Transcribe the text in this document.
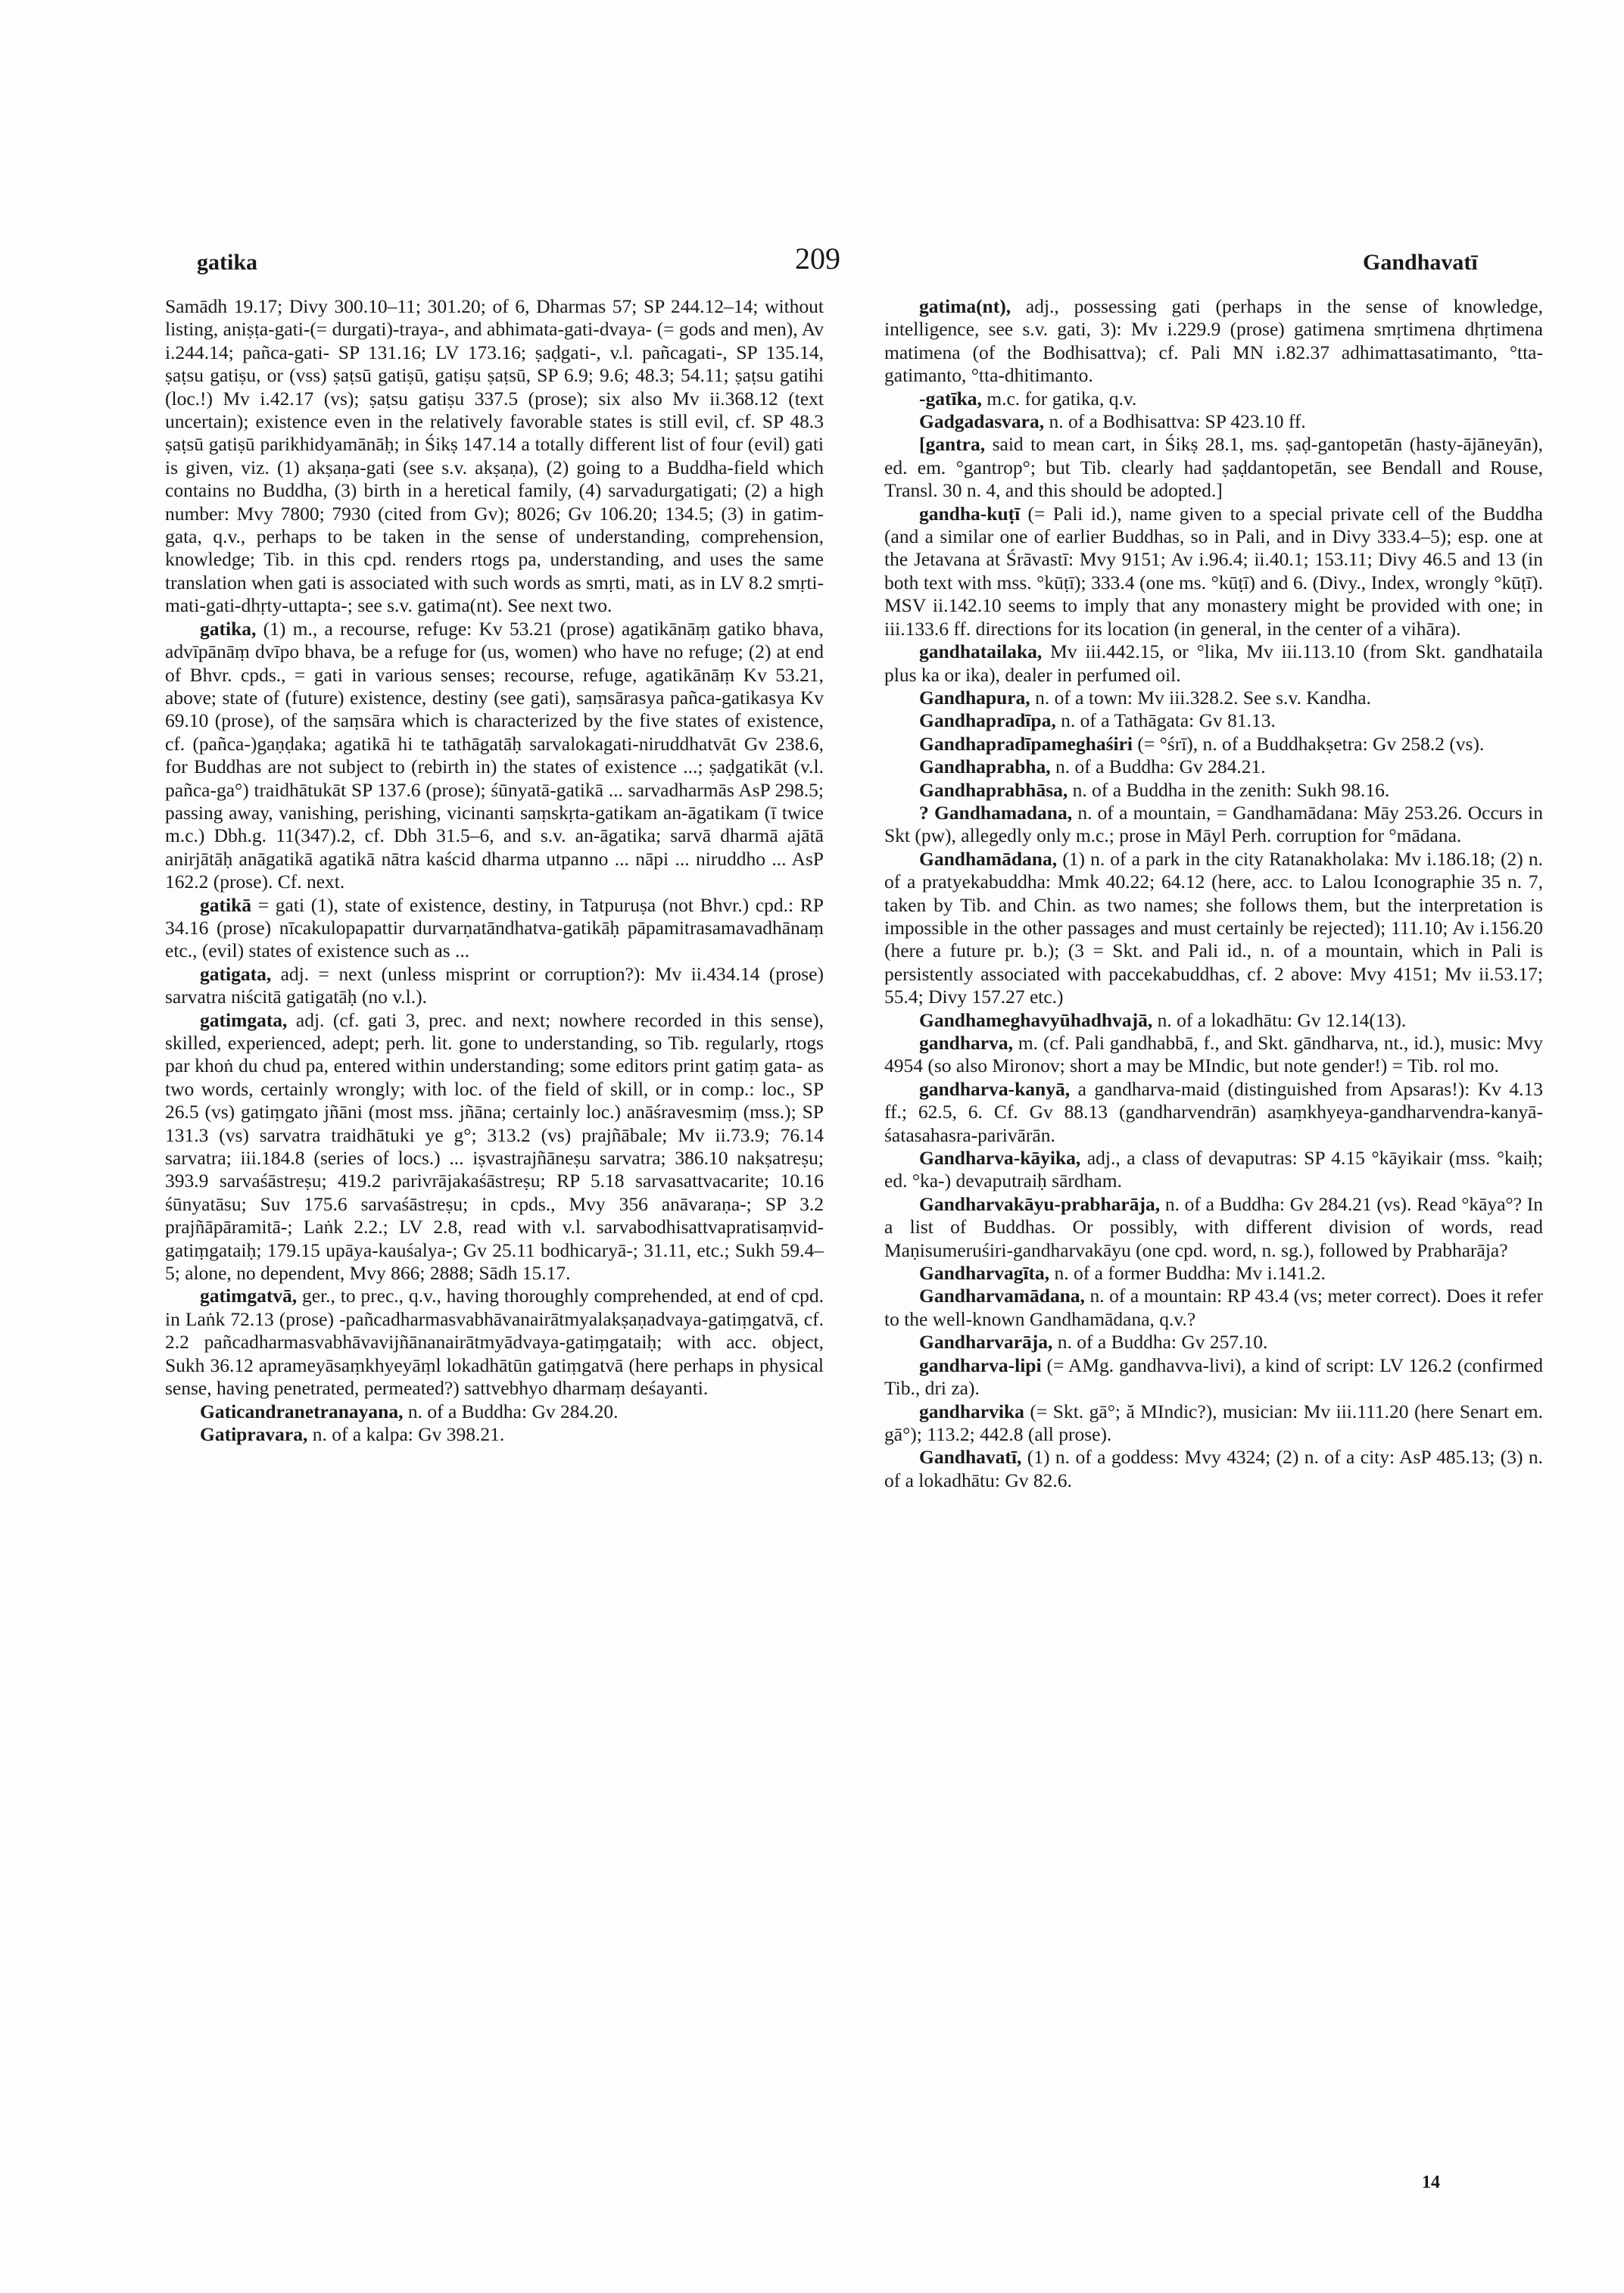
gatika	209	Gandhavatī

Samādh 19.17; Divy 300.10–11; 301.20; of 6, Dharmas 57; SP 244.12–14; without listing, aniṣṭa-gati-(= durgati)-traya-, and abhimata-gati-dvaya- (= gods and men), Av i.244.14; pañca-gati- SP 131.16; LV 173.16; ṣaḍgati-, v.l. pañcagati-, SP 135.14, ṣaṭsu gatiṣu, or (vss) ṣaṭsū gatiṣū, gatiṣu ṣaṭsū, SP 6.9; 9.6; 48.3; 54.11; ṣaṭsu gatihi (loc.!) Mv i.42.17 (vs); ṣaṭsu gatiṣu 337.5 (prose); six also Mv ii.368.12 (text uncertain); existence even in the relatively favorable states is still evil, cf. SP 48.3 ṣaṭsū gatiṣū parikhidyamānāḥ; in Śikṣ 147.14 a totally different list of four (evil) gati is given, viz. (1) akṣaṇa-gati (see s.v. akṣaṇa), (2) going to a Buddha-field which contains no Buddha, (3) birth in a heretical family, (4) sarvadurgatigati; (2) a high number: Mvy 7800; 7930 (cited from Gv); 8026; Gv 106.20; 134.5; (3) in gatim-gata, q.v., perhaps to be taken in the sense of understanding, comprehension, knowledge; Tib. in this cpd. renders rtogs pa, understanding, and uses the same translation when gati is associated with such words as smṛti, mati, as in LV 8.2 smṛti-mati-gati-dhṛty-uttapta-; see s.v. gatima(nt). See next two.

gatika, (1) m., a recourse, refuge: Kv 53.21 (prose) agatikānāṃ gatiko bhava, advīpānāṃ dvīpo bhava, be a refuge for (us, women) who have no refuge; (2) at end of Bhvr. cpds., = gati in various senses; recourse, refuge, agatikānāṃ Kv 53.21, above; state of (future) existence, destiny (see gati), saṃsārasya pañca-gatikasya Kv 69.10 (prose), of the saṃsāra which is characterized by the five states of existence, cf. (pañca-)gaṇḍaka; agatikā hi te tathāgatāḥ sarvalokagati-niruddhatvāt Gv 238.6, for Buddhas are not subject to (rebirth in) the states of existence ...; ṣaḍgatikāt (v.l. pañca-ga°) traidhātukāt SP 137.6 (prose); śūnyatā-gatikā ... sarvadharmās AsP 298.5; passing away, vanishing, perishing, vicinanti saṃskṛta-gatikam an-āgatikam (ī twice m.c.) Dbh.g. 11(347).2, cf. Dbh 31.5–6, and s.v. an-āgatika; sarvā dharmā ajātā anirjātāḥ anāgatikā agatikā nātra kaścid dharma utpanno ... nāpi ... niruddho ... AsP 162.2 (prose). Cf. next.

gatikā = gati (1), state of existence, destiny, in Tatpuruṣa (not Bhvr.) cpd.: RP 34.16 (prose) nīcakulopapattir durvarṇatāndhatva-gatikāḥ pāpamitrasamavadhānaṃ etc., (evil) states of existence such as ...

gatigata, adj. = next (unless misprint or corruption?): Mv ii.434.14 (prose) sarvatra niścitā gatigatāḥ (no v.l.).

gatimgata, adj. (cf. gati 3, prec. and next; nowhere recorded in this sense), skilled, experienced, adept; perh. lit. gone to understanding, so Tib. regularly, rtogs par khoṅ du chud pa, entered within understanding; some editors print gatiṃ gata- as two words, certainly wrongly; with loc. of the field of skill, or in comp.: loc., SP 26.5 (vs) gatiṃgato jñāni (most mss. jñāna; certainly loc.) anāśravesmiṃ (mss.); SP 131.3 (vs) sarvatra traidhātuki ye g°; 313.2 (vs) prajñābale; Mv ii.73.9; 76.14 sarvatra; iii.184.8 (series of locs.) ... iṣvastrajñāneṣu sarvatra; 386.10 nakṣatreṣu; 393.9 sarvaśāstreṣu; 419.2 parivrājakaśāstreṣu; RP 5.18 sarvasattvacarite; 10.16 śūnyatāsu; Suv 175.6 sarvaśāstreṣu; in cpds., Mvy 356 anāvaraṇa-; SP 3.2 prajñāpāramitā-; Laṅk 2.2.; LV 2.8, read with v.l. sarvabodhisattvapratisaṃvid-gatiṃgataiḥ; 179.15 upāya-kauśalya-; Gv 25.11 bodhicaryā-; 31.11, etc.; Sukh 59.4–5; alone, no dependent, Mvy 866; 2888; Sādh 15.17.

gatimgatvā, ger., to prec., q.v., having thoroughly comprehended, at end of cpd. in Laṅk 72.13 (prose) -pañcadharmasvabhāvanairātmyalakṣaṇadvaya-gatiṃgatvā, cf. 2.2 pañcadharmasvabhāvavijñānanairātmyādvaya-gatiṃgataiḥ; with acc. object, Sukh 36.12 aprameyāsaṃkhyeyāṃl lokadhātūn gatiṃgatvā (here perhaps in physical sense, having penetrated, permeated?) sattvebhyo dharmaṃ deśayanti.

Gaticandranetranayana, n. of a Buddha: Gv 284.20.

Gatipravara, n. of a kalpa: Gv 398.21.

gatima(nt), adj., possessing gati (perhaps in the sense of knowledge, intelligence, see s.v. gati, 3): Mv i.229.9 (prose) gatimena smṛtimena dhṛtimena matimena (of the Bodhisattva); cf. Pali MN i.82.37 adhimattasatimanto, °tta-gatimanto, °tta-dhitimanto.

-gatīka, m.c. for gatika, q.v.

Gadgadasvara, n. of a Bodhisattva: SP 423.10 ff.

[gantra, said to mean cart, in Śikṣ 28.1, ms. ṣaḍ-gantopetān (hasty-ājāneyān), ed. em. °gantrop°; but Tib. clearly had ṣaḍdantopetān, see Bendall and Rouse, Transl. 30 n. 4, and this should be adopted.]

gandha-kuṭī (= Pali id.), name given to a special private cell of the Buddha (and a similar one of earlier Buddhas, so in Pali, and in Divy 333.4–5); esp. one at the Jetavana at Śrāvastī: Mvy 9151; Av i.96.4; ii.40.1; 153.11; Divy 46.5 and 13 (in both text with mss. °kūṭī); 333.4 (one ms. °kūṭī) and 6. (Divy., Index, wrongly °kūṭī). MSV ii.142.10 seems to imply that any monastery might be provided with one; in iii.133.6 ff. directions for its location (in general, in the center of a vihāra).

gandhatailaka, Mv iii.442.15, or °lika, Mv iii.113.10 (from Skt. gandhataila plus ka or ika), dealer in perfumed oil.

Gandhapura, n. of a town: Mv iii.328.2. See s.v. Kandha.

Gandhapradīpa, n. of a Tathāgata: Gv 81.13.

Gandhapradīpameghaśiri (= °śrī), n. of a Buddhakṣetra: Gv 258.2 (vs).

Gandhaprabha, n. of a Buddha: Gv 284.21.

Gandhaprabhāsa, n. of a Buddha in the zenith: Sukh 98.16.

? Gandhamadana, n. of a mountain, = Gandhamādana: Māy 253.26. Occurs in Skt (pw), allegedly only m.c.; prose in Māyl Perh. corruption for °mādana.

Gandhamādana, (1) n. of a park in the city Ratanakholaka: Mv i.186.18; (2) n. of a pratyekabuddha: Mmk 40.22; 64.12 (here, acc. to Lalou Iconographie 35 n. 7, taken by Tib. and Chin. as two names; she follows them, but the interpretation is impossible in the other passages and must certainly be rejected); 111.10; Av i.156.20 (here a future pr. b.); (3 = Skt. and Pali id., n. of a mountain, which in Pali is persistently associated with paccekabuddhas, cf. 2 above: Mvy 4151; Mv ii.53.17; 55.4; Divy 157.27 etc.)

Gandhameghavyūhadhvajā, n. of a lokadhātu: Gv 12.14(13).

gandharva, m. (cf. Pali gandhabbā, f., and Skt. gāndharva, nt., id.), music: Mvy 4954 (so also Mironov; short a may be MIndic, but note gender!) = Tib. rol mo.

gandharva-kanyā, a gandharva-maid (distinguished from Apsaras!): Kv 4.13 ff.; 62.5, 6. Cf. Gv 88.13 (gandharvendrān) asaṃkhyeya-gandharvendra-kanyā-śatasahasra-parivārān.

Gandharva-kāyika, adj., a class of devaputras: SP 4.15 °kāyikair (mss. °kaiḥ; ed. °ka-) devaputraiḥ sārdham.

Gandharvakāyu-prabharāja, n. of a Buddha: Gv 284.21 (vs). Read °kāya°? In a list of Buddhas. Or possibly, with different division of words, read Maṇisumeruśiri-gandharvakāyu (one cpd. word, n. sg.), followed by Prabharāja?

Gandharvagīta, n. of a former Buddha: Mv i.141.2.

Gandharvamādana, n. of a mountain: RP 43.4 (vs; meter correct). Does it refer to the well-known Gandhamādana, q.v.?

Gandharvarāja, n. of a Buddha: Gv 257.10.

gandharva-lipi (= AMg. gandhavva-livi), a kind of script: LV 126.2 (confirmed Tib., dri za).

gandharvika (= Skt. gā°; ă MIndic?), musician: Mv iii.111.20 (here Senart em. gā°); 113.2; 442.8 (all prose).

Gandhavatī, (1) n. of a goddess: Mvy 4324; (2) n. of a city: AsP 485.13; (3) n. of a lokadhātu: Gv 82.6.

14
